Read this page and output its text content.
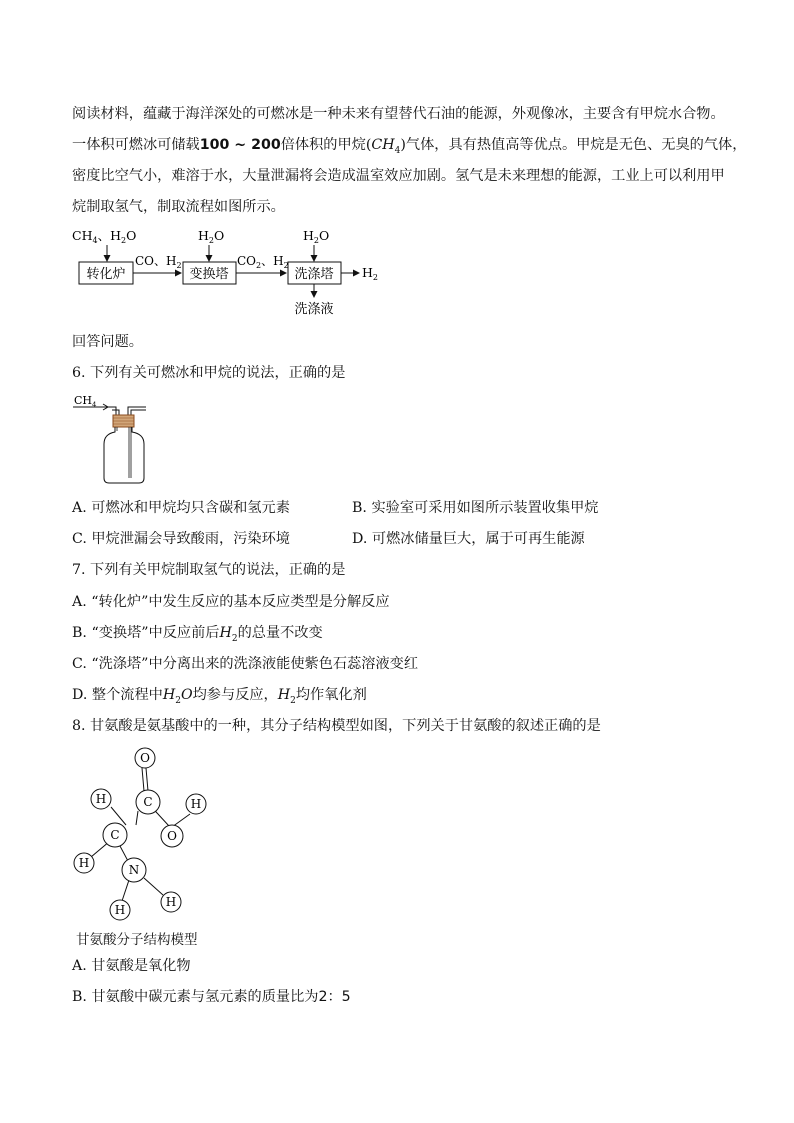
阅读材料，蕴藏于海洋深处的可燃冰是一种未来有望替代石油的能源，外观像冰，主要含有甲烷水合物。
一体积可燃冰可储载100 ~ 200倍体积的甲烷$(CH_4)$气体，具有热值高等优点。甲烷是无色、无臭的气体，
密度比空气小，难溶于水，大量泄漏将会造成温室效应加剧。氢气是未来理想的能源，工业上可以利用甲
烷制取氢气，制取流程如图所示。
$CH_4$、$H_2O$
转化炉
CO、$H_2$
$H_2O$
变换塔
$CO_2$、$H_2$
$H_2O$
洗涤塔 $H_2$
洗涤液
回答问题。
6. 下列有关可燃冰和甲烷的说法，正确的是
$CH_4$
A. 可燃冰和甲烷均只含碳和氢元素	B. 实验室可采用如图所示装置收集甲烷
C. 甲烷泄漏会导致酸雨，污染环境	D. 可燃冰储量巨大，属于可再生能源
7. 下列有关甲烷制取氢气的说法，正确的是
A. “转化炉”中发生反应的基本反应类型是分解反应
B. “变换塔”中反应前后$H_2$的总量不改变
C. “洗涤塔”中分离出来的洗涤液能使紫色石蕊溶液变红
D. 整个流程中$H_2O$均参与反应，$H_2$均作氧化剂
8. 甘氨酸是氨基酸中的一种，其分子结构模型如图，下列关于甘氨酸的叙述正确的是
O
H	C	H
C	O
H	N
H
H
甘氨酸分子结构模型
A. 甘氨酸是氧化物
B. 甘氨酸中碳元素与氢元素的质量比为2：5
